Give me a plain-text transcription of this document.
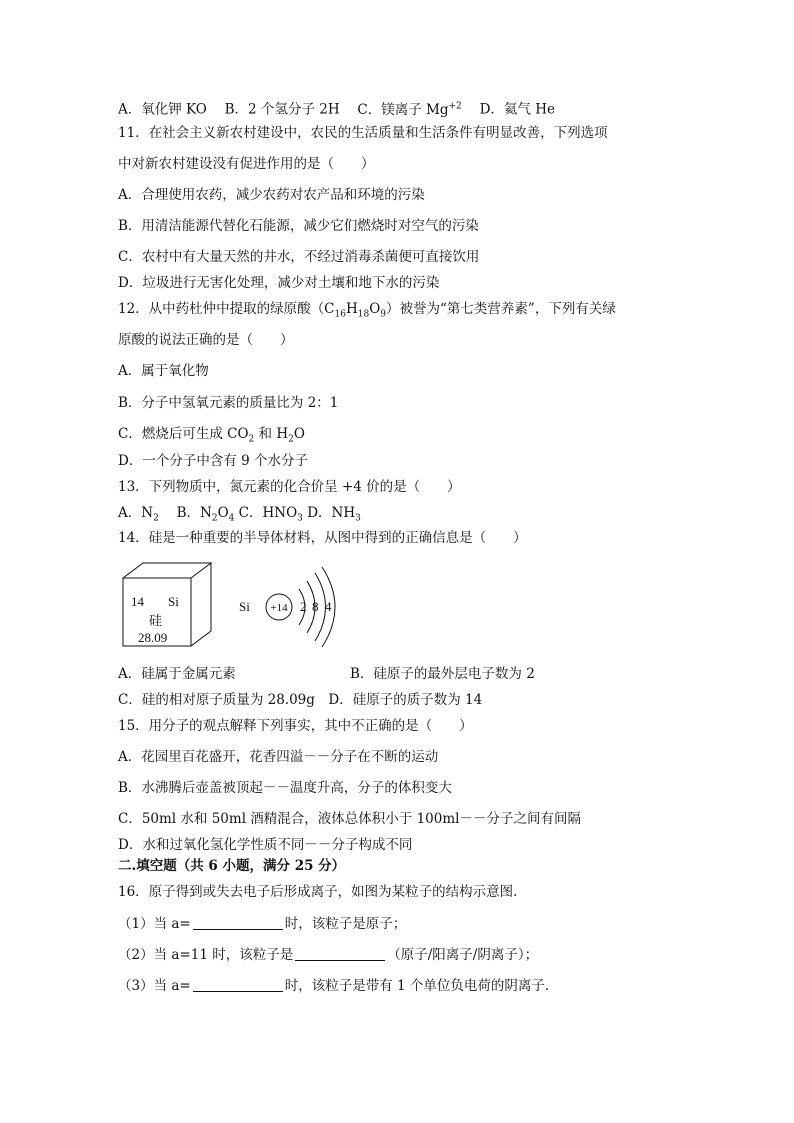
A．氧化钾 KO　 B．2 个氢分子 2H　 C．镁离子 $Mg^{+2}$　 D．氦气 He
11．在社会主义新农村建设中，农民的生活质量和生活条件有明显改善，下列选项
中对新农村建设没有促进作用的是（　　）
A．合理使用农药，减少农药对农产品和环境的污染
B．用清洁能源代替化石能源，减少它们燃烧时对空气的污染
C．农村中有大量天然的井水，不经过消毒杀菌便可直接饮用
D．垃圾进行无害化处理，减少对土壤和地下水的污染
12．从中药杜仲中提取的绿原酸$(C_{16}H_{18}O_9)$被誉为“第七类营养素”，下列有关绿
原酸的说法正确的是（　　）
A．属于氧化物
B．分子中氢氧元素的质量比为 2：1
C．燃烧后可生成 $CO_2$ 和 $H_2O$
D．一个分子中含有 9 个水分子
13．下列物质中，氮元素的化合价呈 +4 价的是（　　）
A．$N_2$　 B．$N_2O_4$ C．$HNO_3$ D．$NH_3$
14．硅是一种重要的半导体材料，从图中得到的正确信息是（　　）
14 Si
硅
28.09
Si +14 2 8 4
A．硅属于金属元素	B．硅原子的最外层电子数为 2
C．硅的相对原子质量为 28.09g　 D．硅原子的质子数为 14
15．用分子的观点解释下列事实，其中不正确的是（　　）
A．花园里百花盛开，花香四溢－－分子在不断的运动
B．水沸腾后壶盖被顶起－－温度升高，分子的体积变大
C．50ml 水和 50ml 酒精混合，液体总体积小于 100ml－－分子之间有间隔
D．水和过氧化氢化学性质不同－－分子构成不同
二.填空题（共 6 小题，满分 25 分）
16．原子得到或失去电子后形成离子，如图为某粒子的结构示意图．
（1）当 a=	时，该粒子是原子；
（2）当 a=11 时，该粒子是	（原子/阳离子/阴离子）；
（3）当 a=	时，该粒子是带有 1 个单位负电荷的阴离子．
